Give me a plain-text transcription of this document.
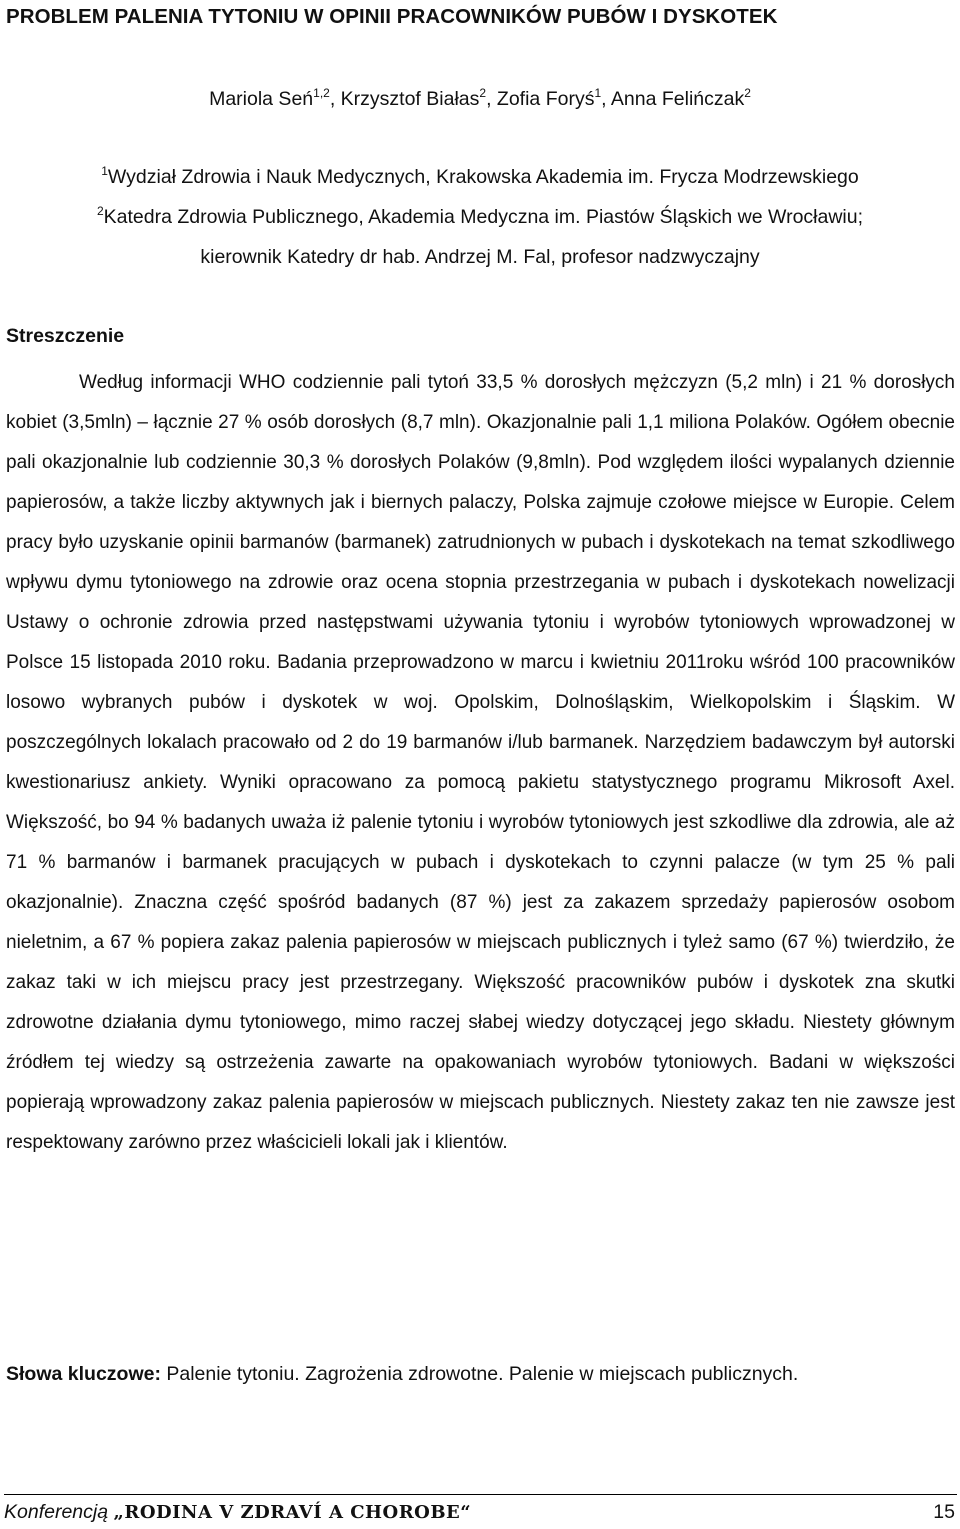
PROBLEM PALENIA TYTONIU W OPINII PRACOWNIKÓW PUBÓW I DYSKOTEK
Mariola Seń$^{1,2}$, Krzysztof Białas$^2$, Zofia Foryś$^1$, Anna Felińczak$^2$
$^1$Wydział Zdrowia i Nauk Medycznych, Krakowska Akademia im. Frycza Modrzewskiego
$^2$Katedra Zdrowia Publicznego, Akademia Medyczna im. Piastów Śląskich we Wrocławiu;
kierownik Katedry dr hab. Andrzej M. Fal, profesor nadzwyczajny
Streszczenie

Według informacji WHO codziennie pali tytoń 33,5 % dorosłych mężczyzn (5,2 mln) i 21 % dorosłych kobiet (3,5mln) – łącznie 27 % osób dorosłych (8,7 mln). Okazjonalnie pali 1,1 miliona Polaków. Ogółem obecnie pali okazjonalnie lub codziennie 30,3 % dorosłych Polaków (9,8mln). Pod względem ilości wypalanych dziennie papierosów, a także liczby aktywnych jak i biernych palaczy, Polska zajmuje czołowe miejsce w Europie. Celem pracy było uzyskanie opinii barmanów (barmanek) zatrudnionych w pubach i dyskotekach na temat szkodliwego wpływu dymu tytoniowego na zdrowie oraz ocena stopnia przestrzegania w pubach i dyskotekach nowelizacji Ustawy o ochronie zdrowia przed następstwami używania tytoniu i wyrobów tytoniowych wprowadzonej w Polsce 15 listopada 2010 roku. Badania przeprowadzono w marcu i kwietniu 2011roku wśród 100 pracowników losowo wybranych pubów i dyskotek w woj. Opolskim, Dolnośląskim, Wielkopolskim i Śląskim. W poszczególnych lokalach pracowało od 2 do 19 barmanów i/lub barmanek. Narzędziem badawczym był autorski kwestionariusz ankiety. Wyniki opracowano za pomocą pakietu statystycznego programu Mikrosoft Axel. Większość, bo 94 % badanych uważa iż palenie tytoniu i wyrobów tytoniowych jest szkodliwe dla zdrowia, ale aż 71 % barmanów i barmanek pracujących w pubach i dyskotekach to czynni palacze (w tym 25 % pali okazjonalnie). Znaczna część spośród badanych (87 %) jest za zakazem sprzedaży papierosów osobom nieletnim, a 67 % popiera zakaz palenia papierosów w miejscach publicznych i tyleż samo (67 %) twierdziło, że zakaz taki w ich miejscu pracy jest przestrzegany. Większość pracowników pubów i dyskotek zna skutki zdrowotne działania dymu tytoniowego, mimo raczej słabej wiedzy dotyczącej jego składu. Niestety głównym źródłem tej wiedzy są ostrzeżenia zawarte na opakowaniach wyrobów tytoniowych. Badani w większości popierają wprowadzony zakaz palenia papierosów w miejscach publicznych. Niestety zakaz ten nie zawsze jest respektowany zarówno przez właścicieli lokali jak i klientów.

Słowa kluczowe: Palenie tytoniu. Zagrożenia zdrowotne. Palenie w miejscach publicznych.
Konferencją „RODINA V ZDRAVÍ A CHOROBE“	15
